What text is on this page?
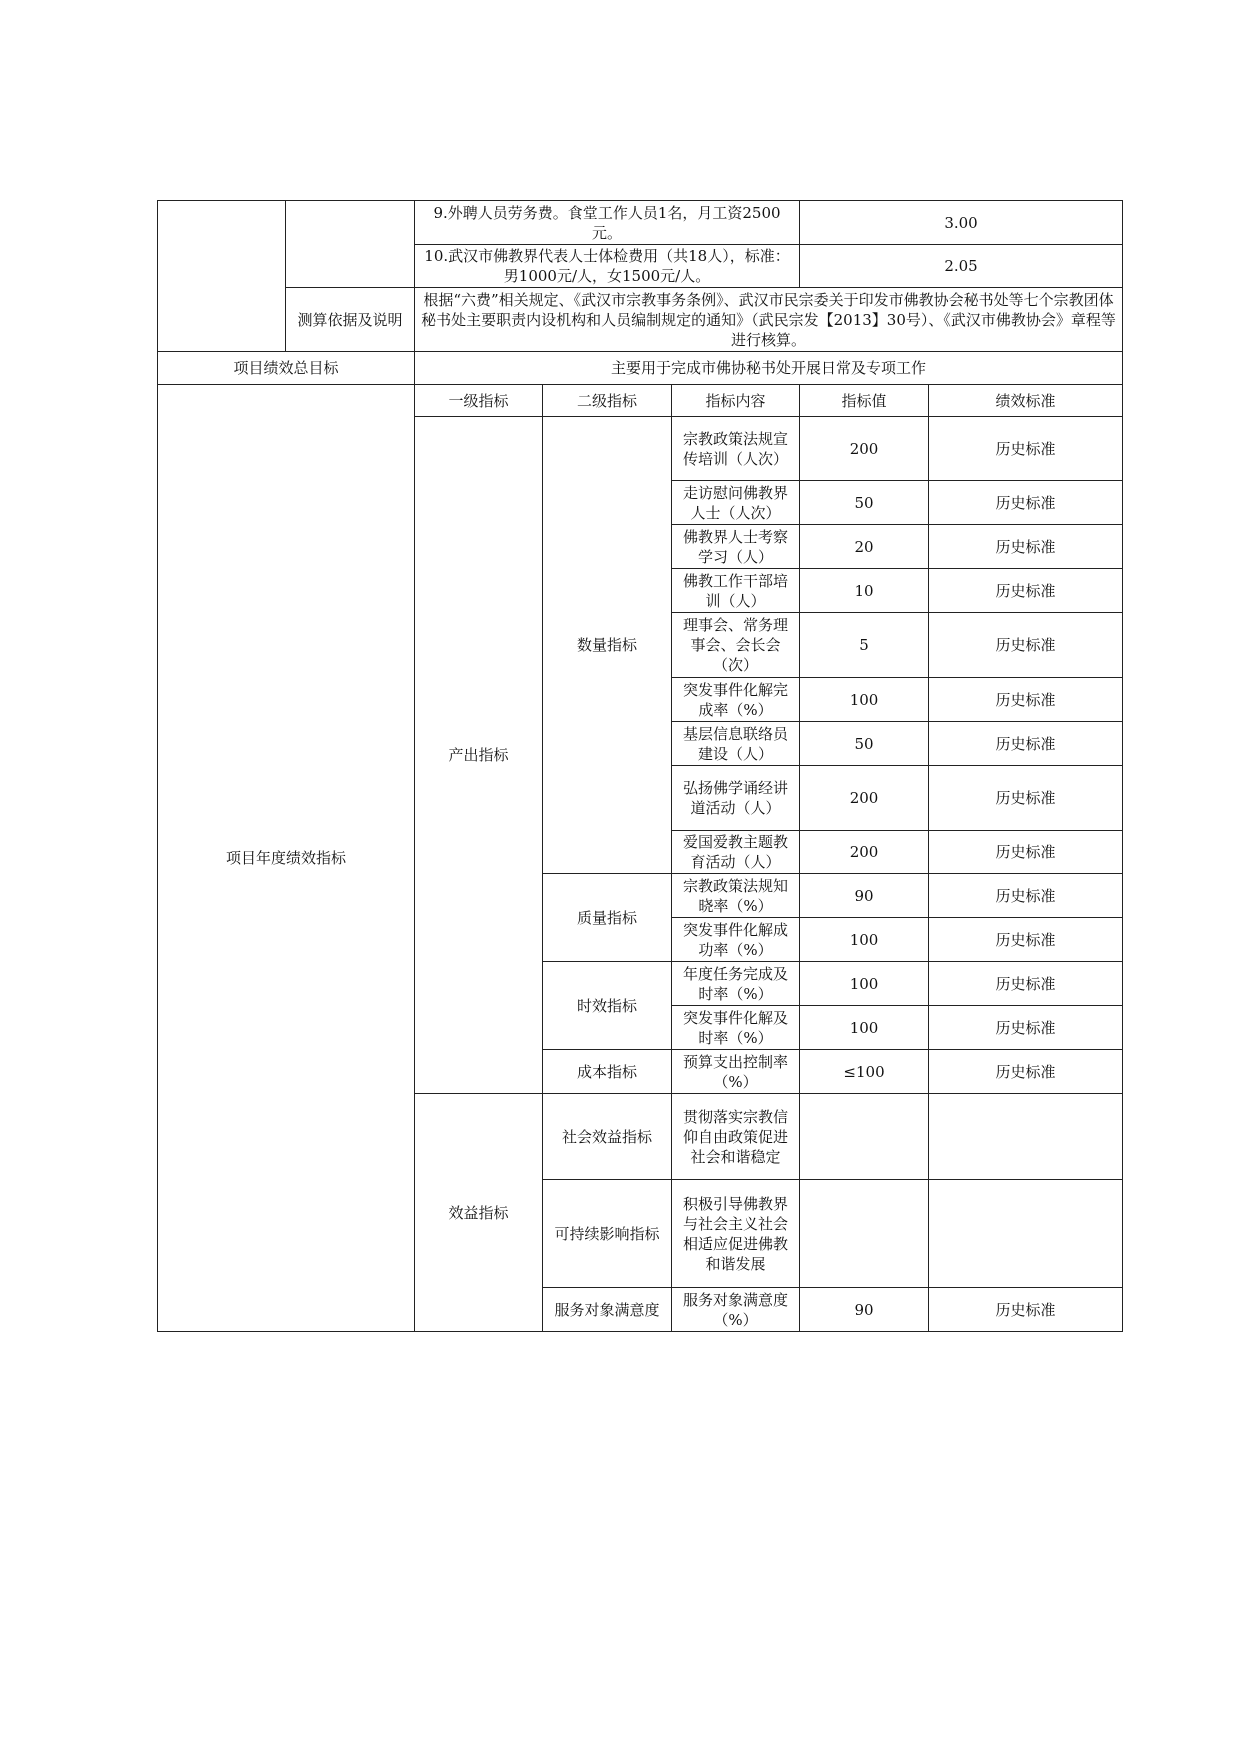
		9.外聘人员劳务费。食堂工作人员1名，月工资2500元。			3.00	
		10.武汉市佛教界代表人士体检费用（共18人），标准：男1000元/人，女1500元/人。			2.05	
	测算依据及说明	根据“六费”相关规定、《武汉市宗教事务条例》、武汉市民宗委关于印发市佛教协会秘书处等七个宗教团体秘书处主要职责内设机构和人员编制规定的通知》（武民宗发【2013】30号）、《武汉市佛教协会》章程等进行核算。				
项目绩效总目标		主要用于完成市佛协秘书处开展日常及专项工作				
项目年度绩效指标		一级指标	二级指标	指标内容	指标值	绩效标准
		产出指标	数量指标	宗教政策法规宣传培训（人次）	200	历史标准
				走访慰问佛教界人士（人次）	50	历史标准
				佛教界人士考察学习（人）	20	历史标准
				佛教工作干部培训（人）	10	历史标准
				理事会、常务理事会、会长会 （次）	5	历史标准
				突发事件化解完成率（%）	100	历史标准
				基层信息联络员建设（人）	50	历史标准
				弘扬佛学诵经讲道活动（人）	200	历史标准
				爱国爱教主题教育活动（人）	200	历史标准
			质量指标	宗教政策法规知晓率（%）	90	历史标准
				突发事件化解成功率（%）	100	历史标准
			时效指标	年度任务完成及时率（%）	100	历史标准
				突发事件化解及时率（%）	100	历史标准
			成本指标	预算支出控制率（%）	≤100	历史标准
		效益指标	社会效益指标	贯彻落实宗教信仰自由政策促进社会和谐稳定		
			可持续影响指标	积极引导佛教界与社会主义社会相适应促进佛教和谐发展		
			服务对象满意度	服务对象满意度（%）	90	历史标准
